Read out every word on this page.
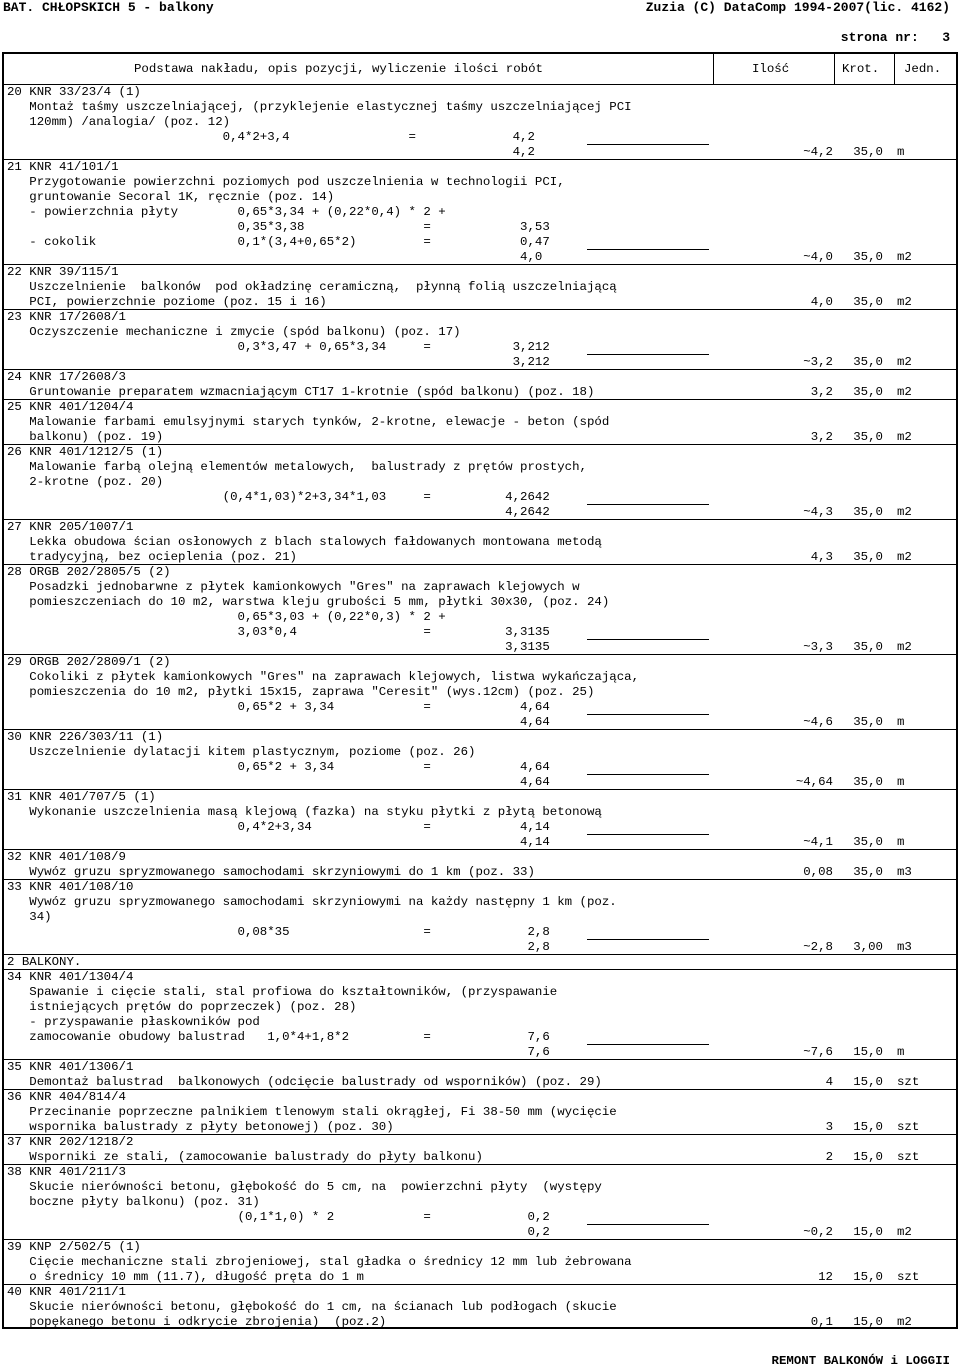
BAT. CHŁOPSKICH 5 - balkony	Zuzia (C) DataComp 1994-2007(lic. 4162)

strona nr: 3

Podstawa nakładu, opis pozycji, wyliczenie ilości robót	Ilość	Krot. Jedn.
20 KNR 33/23/4 (1)
Montaż taśmy uszczelniającej, (przyklejenie elastycznej taśmy uszczelniającej PCI
120mm) /analogia/ (poz. 12)
0,4*2+3,4                =             4,2
4,2	~4,2 35,0 m
21 KNR 41/101/1
Przygotowanie powierzchni poziomych pod uszczelnienia w technologii PCI,
gruntowanie Secoral 1K, ręcznie (poz. 14)
- powierzchnia płyty        0,65*3,34 + (0,22*0,4) * 2 +
0,35*3,38                =            3,53
- cokolik                   0,1*(3,4+0,65*2)         =            0,47
4,0	~4,0 35,0 m2
22 KNR 39/115/1
Uszczelnienie  balkonów  pod okładzinę ceramiczną,  płynną folią uszczelniającą
PCI, powierzchnie poziome (poz. 15 i 16)	4,0 35,0 m2
23 KNR 17/2608/1
Oczyszczenie mechaniczne i zmycie (spód balkonu) (poz. 17)
0,3*3,47 + 0,65*3,34     =           3,212
3,212	~3,2 35,0 m2
24 KNR 17/2608/3
Gruntowanie preparatem wzmacniającym CT17 1-krotnie (spód balkonu) (poz. 18)	3,2 35,0 m2
25 KNR 401/1204/4
Malowanie farbami emulsyjnymi starych tynków, 2-krotne, elewacje - beton (spód
balkonu) (poz. 19)	3,2 35,0 m2
26 KNR 401/1212/5 (1)
Malowanie farbą olejną elementów metalowych,  balustrady z prętów prostych,
2-krotne (poz. 20)
(0,4*1,03)*2+3,34*1,03     =          4,2642
4,2642	~4,3 35,0 m2
27 KNR 205/1007/1
Lekka obudowa ścian osłonowych z blach stalowych fałdowanych montowana metodą
tradycyjną, bez ocieplenia (poz. 21)	4,3 35,0 m2
28 ORGB 202/2805/5 (2)
Posadzki jednobarwne z płytek kamionkowych "Gres" na zaprawach klejowych w
pomieszczeniach do 10 m2, warstwa kleju grubości 5 mm, płytki 30x30, (poz. 24)
0,65*3,03 + (0,22*0,3) * 2 +
3,03*0,4                 =          3,3135
3,3135	~3,3 35,0 m2
29 ORGB 202/2809/1 (2)
Cokoliki z płytek kamionkowych "Gres" na zaprawach klejowych, listwa wykańczająca,
pomieszczenia do 10 m2, płytki 15x15, zaprawa "Ceresit" (wys.12cm) (poz. 25)
0,65*2 + 3,34            =            4,64
4,64	~4,6 35,0 m
30 KNR 226/303/11 (1)
Uszczelnienie dylatacji kitem plastycznym, poziome (poz. 26)
0,65*2 + 3,34            =            4,64
4,64	~4,64 35,0 m
31 KNR 401/707/5 (1)
Wykonanie uszczelnienia masą klejową (fazka) na styku płytki z płytą betonową
0,4*2+3,34               =            4,14
4,14	~4,1 35,0 m
32 KNR 401/108/9
Wywóz gruzu spryzmowanego samochodami skrzyniowymi do 1 km (poz. 33)	0,08 35,0 m3
33 KNR 401/108/10
Wywóz gruzu spryzmowanego samochodami skrzyniowymi na każdy następny 1 km (poz.
34)
0,08*35                  =             2,8
2,8	~2,8 3,00 m3
2 BALKONY.
34 KNR 401/1304/4
Spawanie i cięcie stali, stal profiowa do kształtowników, (przyspawanie
istniejących prętów do poprzeczek) (poz. 28)
- przyspawanie płaskowników pod
zamocowanie obudowy balustrad   1,0*4+1,8*2          =             7,6
7,6	~7,6 15,0 m
35 KNR 401/1306/1
Demontaż balustrad  balkonowych (odcięcie balustrady od wsporników) (poz. 29)	4 15,0 szt
36 KNR 404/814/4
Przecinanie poprzeczne palnikiem tlenowym stali okrągłej, Fi 38-50 mm (wycięcie
wspornika balustrady z płyty betonowej) (poz. 30)	3 15,0 szt
37 KNR 202/1218/2
Wsporniki ze stali, (zamocowanie balustrady do płyty balkonu)	2 15,0 szt
38 KNR 401/211/3
Skucie nierówności betonu, głębokość do 5 cm, na  powierzchni płyty  (występy
boczne płyty balkonu) (poz. 31)
(0,1*1,0) * 2            =             0,2
0,2	~0,2 15,0 m2
39 KNP 2/502/5 (1)
Cięcie mechaniczne stali zbrojeniowej, stal gładka o średnicy 12 mm lub żebrowana
o średnicy 10 mm (11.7), długość pręta do 1 m	12 15,0 szt
40 KNR 401/211/1
Skucie nierówności betonu, głębokość do 1 cm, na ścianach lub podłogach (skucie
popękanego betonu i odkrycie zbrojenia)  (poz.2)	0,1 15,0 m2
REMONT BALKONÓW i LOGGII
